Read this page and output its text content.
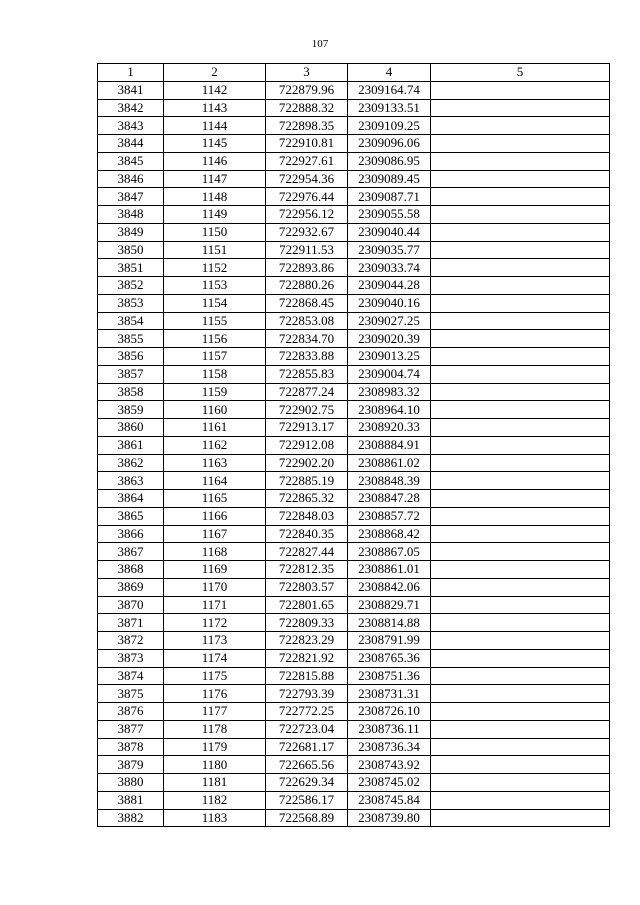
107
1	2	3	4	5
3841	1142	722879.96	2309164.74	
3842	1143	722888.32	2309133.51	
3843	1144	722898.35	2309109.25	
3844	1145	722910.81	2309096.06	
3845	1146	722927.61	2309086.95	
3846	1147	722954.36	2309089.45	
3847	1148	722976.44	2309087.71	
3848	1149	722956.12	2309055.58	
3849	1150	722932.67	2309040.44	
3850	1151	722911.53	2309035.77	
3851	1152	722893.86	2309033.74	
3852	1153	722880.26	2309044.28	
3853	1154	722868.45	2309040.16	
3854	1155	722853.08	2309027.25	
3855	1156	722834.70	2309020.39	
3856	1157	722833.88	2309013.25	
3857	1158	722855.83	2309004.74	
3858	1159	722877.24	2308983.32	
3859	1160	722902.75	2308964.10	
3860	1161	722913.17	2308920.33	
3861	1162	722912.08	2308884.91	
3862	1163	722902.20	2308861.02	
3863	1164	722885.19	2308848.39	
3864	1165	722865.32	2308847.28	
3865	1166	722848.03	2308857.72	
3866	1167	722840.35	2308868.42	
3867	1168	722827.44	2308867.05	
3868	1169	722812.35	2308861.01	
3869	1170	722803.57	2308842.06	
3870	1171	722801.65	2308829.71	
3871	1172	722809.33	2308814.88	
3872	1173	722823.29	2308791.99	
3873	1174	722821.92	2308765.36	
3874	1175	722815.88	2308751.36	
3875	1176	722793.39	2308731.31	
3876	1177	722772.25	2308726.10	
3877	1178	722723.04	2308736.11	
3878	1179	722681.17	2308736.34	
3879	1180	722665.56	2308743.92	
3880	1181	722629.34	2308745.02	
3881	1182	722586.17	2308745.84	
3882	1183	722568.89	2308739.80	
